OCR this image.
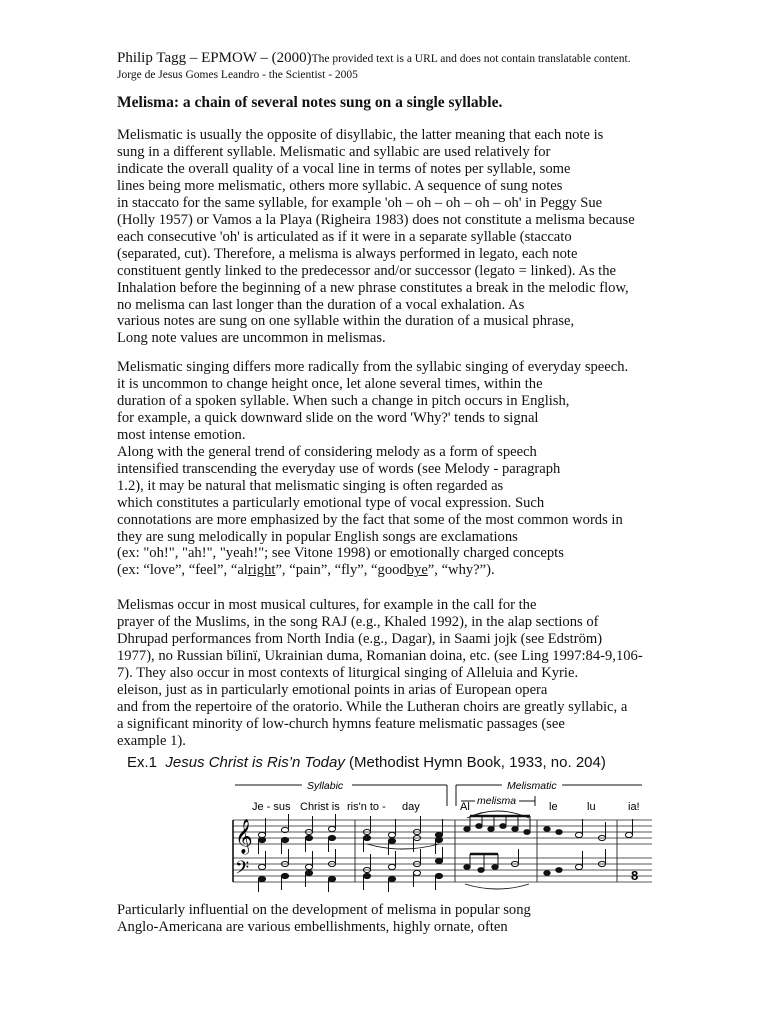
Philip Tagg – EPMOW – (2000)The provided text is a URL and does not contain translatable content.
Jorge de Jesus Gomes Leandro - the Scientist - 2005
Melisma: a chain of several notes sung on a single syllable.
Melismatic is usually the opposite of disyllabic, the latter meaning that each note is
sung in a different syllable. Melismatic and syllabic are used relatively for
indicate the overall quality of a vocal line in terms of notes per syllable, some
lines being more melismatic, others more syllabic. A sequence of sung notes
in staccato for the same syllable, for example 'oh – oh – oh – oh – oh' in Peggy Sue
(Holly 1957) or Vamos a la Playa (Righeira 1983) does not constitute a melisma because
each consecutive 'oh' is articulated as if it were in a separate syllable (staccato
(separated, cut). Therefore, a melisma is always performed in legato, each note
constituent gently linked to the predecessor and/or successor (legato = linked). As the
Inhalation before the beginning of a new phrase constitutes a break in the melodic flow,
no melisma can last longer than the duration of a vocal exhalation. As
various notes are sung on one syllable within the duration of a musical phrase,
Long note values are uncommon in melismas.
Melismatic singing differs more radically from the syllabic singing of everyday speech.
it is uncommon to change height once, let alone several times, within the
duration of a spoken syllable. When such a change in pitch occurs in English,
for example, a quick downward slide on the word 'Why?' tends to signal
most intense emotion.
Along with the general trend of considering melody as a form of speech
intensified transcending the everyday use of words (see Melody - paragraph
1.2), it may be natural that melismatic singing is often regarded as
which constitutes a particularly emotional type of vocal expression. Such
connotations are more emphasized by the fact that some of the most common words in
they are sung melodically in popular English songs are exclamations
(ex: "oh!", "ah!", "yeah!"; see Vitone 1998) or emotionally charged concepts
(ex: “love”, “feel”, “alright”, “pain”, “fly”, “goodbye”, “why?”).
Melismas occur in most musical cultures, for example in the call for the
prayer of the Muslims, in the song RAJ (e.g., Khaled 1992), in the alap sections of
Dhrupad performances from North India (e.g., Dagar), in Saami jojk (see Edström)
1977), no Russian bïlinï, Ukrainian duma, Romanian doina, etc. (see Ling 1997:84-9,106-
7). They also occur in most contexts of liturgical singing of Alleluia and Kyrie.
eleison, just as in particularly emotional points in arias of European opera
and from the repertoire of the oratorio. While the Lutheran choirs are greatly syllabic, a
a significant minority of low-church hymns feature melismatic passages (see
example 1).
Ex.1 Jesus Christ is Ris’n Today (Methodist Hymn Book, 1933, no. 204)
Syllabic	Melismatic
melisma
Je - sus Christ is ris'n to - day	Al	le	lu	ia!
𝄞
𝄢	8
Particularly influential on the development of melisma in popular song
Anglo-Americana are various embellishments, highly ornate, often
